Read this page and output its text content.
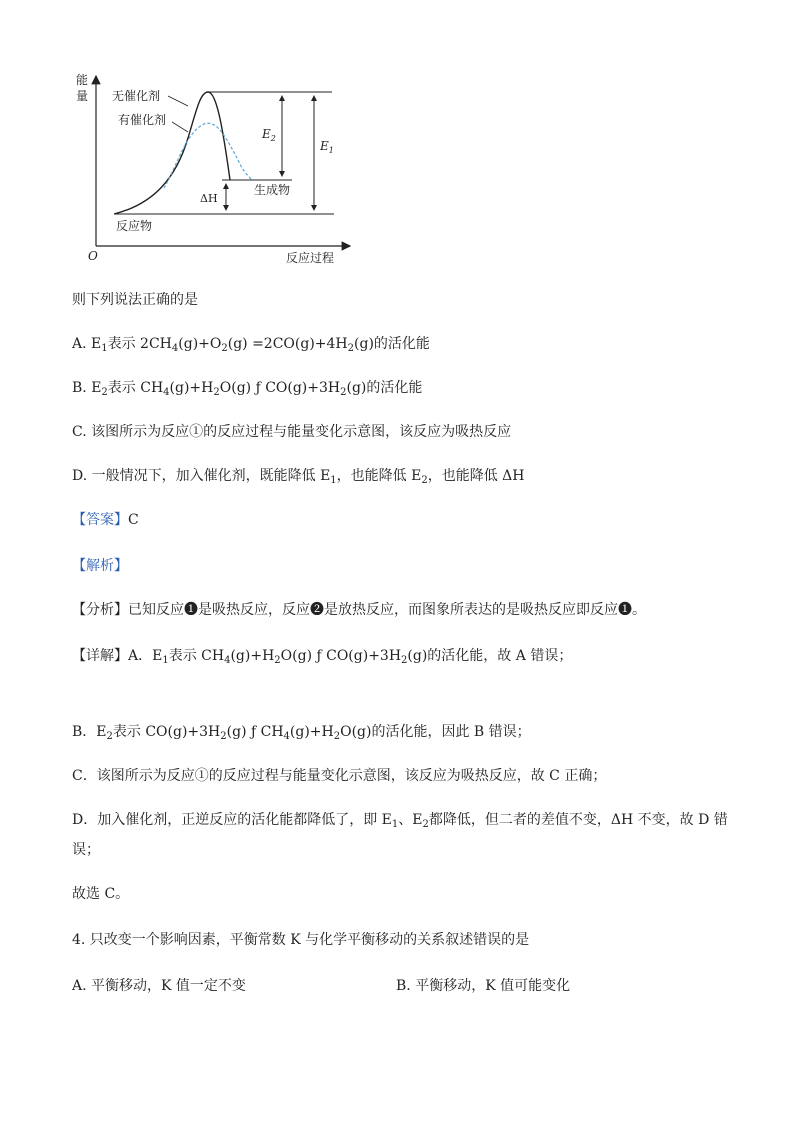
能量
O	反应过程
反应物
生成物
无催化剂
有催化剂
$E_2$
$E_1$
ΔH
则下列说法正确的是
A. $E_1$表示 $2CH_4(g)+O_2(g) =2CO(g)+4H_2(g)$的活化能
B. $E_2$表示 $CH_4(g)+H_2O(g)$ ƒ $CO(g)+3H_2(g)$的活化能
C. 该图所示为反应①的反应过程与能量变化示意图，该反应为吸热反应
D. 一般情况下，加入催化剂，既能降低 $E_1$，也能降低 $E_2$，也能降低 ΔH
【答案】C
【解析】
【分析】已知反应❶是吸热反应，反应❷是放热反应，而图象所表达的是吸热反应即反应❶。
【详解】A．$E_1$表示 $CH_4(g)+H_2O(g)$ ƒ $CO(g)+3H_2(g)$的活化能，故 A 错误；
B．$E_2$表示 $CO(g)+3H_2(g)$ ƒ $CH_4(g)+H_2O(g)$的活化能，因此 B 错误；
C．该图所示为反应①的反应过程与能量变化示意图，该反应为吸热反应，故 C 正确；
D．加入催化剂，正逆反应的活化能都降低了，即 $E_1$、$E_2$都降低，但二者的差值不变，ΔH 不变，故 D 错
误；
故选 C。
4. 只改变一个影响因素，平衡常数 K 与化学平衡移动的关系叙述错误的是
A. 平衡移动，K 值一定不变	B. 平衡移动，K 值可能变化
